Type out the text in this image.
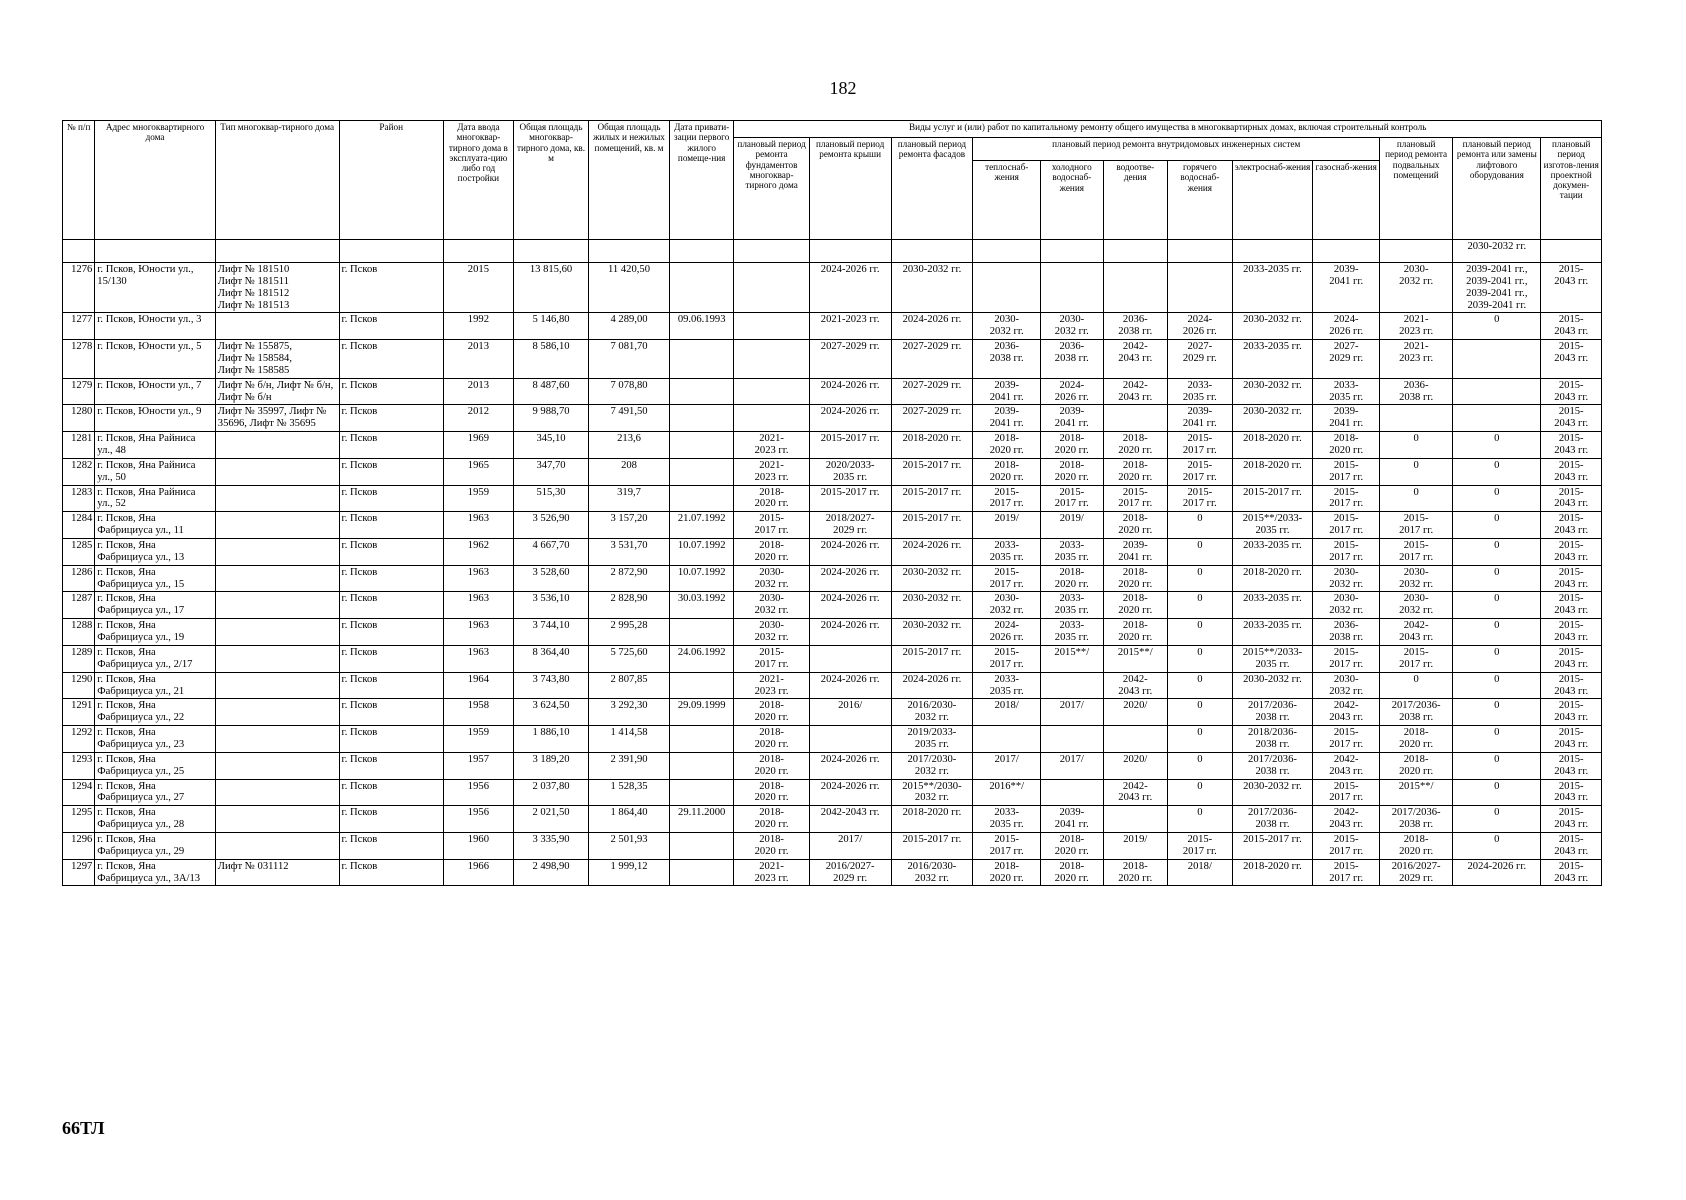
182
№ п/п	Адрес многоквартирного дома	Тип многоквар-тирного дома	Район	Дата ввода многоквар-тирного дома в эксплуата-цию либо год постройки	Общая площадь многоквар-тирного дома, кв. м	Общая площадь жилых и нежилых помещений, кв. м	Дата привати-зации первого жилого помеще-ния	Виды услуг и (или) работ по капитальному ремонту общего имущества в многоквартирных домах, включая строительный контроль											
								плановый период ремонта фундаментов многоквар-тирного дома	плановый период ремонта крыши	плановый период ремонта фасадов	плановый период ремонта внутридомовых инженерных систем						плановый период ремонта подвальных помещений	плановый период ремонта или замены лифтового оборудования	плановый период изготов-ления проектной докумен-тации
											теплоснаб-жения	холодного водоснаб-жения	водоотве-дения	горячего водоснаб-жения	электроснаб-жения	газоснаб-жения			
																		2030-2032 гг.	
1276	г. Псков, Юности ул., 15/130	Лифт № 181510
Лифт № 181511
Лифт № 181512
Лифт № 181513	г. Псков	2015	13 815,60	11 420,50			2024-2026 гг.	2030-2032 гг.					2033-2035 гг.	2039-
2041 гг.	2030-
2032 гг.	2039-2041 гг.,
2039-2041 гг.,
2039-2041 гг.,
2039-2041 гг.	2015-
2043 гг.
1277	г. Псков, Юности ул., 3		г. Псков	1992	5 146,80	4 289,00	09.06.1993		2021-2023 гг.	2024-2026 гг.	2030-
2032 гг.	2030-
2032 гг.	2036-
2038 гг.	2024-
2026 гг.	2030-2032 гг.	2024-
2026 гг.	2021-
2023 гг.	0	2015-
2043 гг.
1278	г. Псков, Юности ул., 5	Лифт № 155875,
Лифт № 158584,
Лифт № 158585	г. Псков	2013	8 586,10	7 081,70			2027-2029 гг.	2027-2029 гг.	2036-
2038 гг.	2036-
2038 гг.	2042-
2043 гг.	2027-
2029 гг.	2033-2035 гг.	2027-
2029 гг.	2021-
2023 гг.		2015-
2043 гг.
1279	г. Псков, Юности ул., 7	Лифт № б/н, Лифт № б/н, Лифт № б/н	г. Псков	2013	8 487,60	7 078,80			2024-2026 гг.	2027-2029 гг.	2039-
2041 гг.	2024-
2026 гг.	2042-
2043 гг.	2033-
2035 гг.	2030-2032 гг.	2033-
2035 гг.	2036-
2038 гг.		2015-
2043 гг.
1280	г. Псков, Юности ул., 9	Лифт № 35997, Лифт № 35696, Лифт № 35695	г. Псков	2012	9 988,70	7 491,50			2024-2026 гг.	2027-2029 гг.	2039-
2041 гг.	2039-
2041 гг.		2039-
2041 гг.	2030-2032 гг.	2039-
2041 гг.			2015-
2043 гг.
1281	г. Псков, Яна Райниса ул., 48		г. Псков	1969	345,10	213,6		2021-
2023 гг.	2015-2017 гг.	2018-2020 гг.	2018-
2020 гг.	2018-
2020 гг.	2018-
2020 гг.	2015-
2017 гг.	2018-2020 гг.	2018-
2020 гг.	0	0	2015-
2043 гг.
1282	г. Псков, Яна Райниса ул., 50		г. Псков	1965	347,70	208		2021-
2023 гг.	2020/2033-
2035 гг.	2015-2017 гг.	2018-
2020 гг.	2018-
2020 гг.	2018-
2020 гг.	2015-
2017 гг.	2018-2020 гг.	2015-
2017 гг.	0	0	2015-
2043 гг.
1283	г. Псков, Яна Райниса ул., 52		г. Псков	1959	515,30	319,7		2018-
2020 гг.	2015-2017 гг.	2015-2017 гг.	2015-
2017 гг.	2015-
2017 гг.	2015-
2017 гг.	2015-
2017 гг.	2015-2017 гг.	2015-
2017 гг.	0	0	2015-
2043 гг.
1284	г. Псков, Яна Фабрициуса ул., 11		г. Псков	1963	3 526,90	3 157,20	21.07.1992	2015-
2017 гг.	2018/2027-
2029 гг.	2015-2017 гг.	2019/	2019/	2018-
2020 гг.	0	2015**/2033-
2035 гг.	2015-
2017 гг.	2015-
2017 гг.	0	2015-
2043 гг.
1285	г. Псков, Яна Фабрициуса ул., 13		г. Псков	1962	4 667,70	3 531,70	10.07.1992	2018-
2020 гг.	2024-2026 гг.	2024-2026 гг.	2033-
2035 гг.	2033-
2035 гг.	2039-
2041 гг.	0	2033-2035 гг.	2015-
2017 гг.	2015-
2017 гг.	0	2015-
2043 гг.
1286	г. Псков, Яна Фабрициуса ул., 15		г. Псков	1963	3 528,60	2 872,90	10.07.1992	2030-
2032 гг.	2024-2026 гг.	2030-2032 гг.	2015-
2017 гг.	2018-
2020 гг.	2018-
2020 гг.	0	2018-2020 гг.	2030-
2032 гг.	2030-
2032 гг.	0	2015-
2043 гг.
1287	г. Псков, Яна Фабрициуса ул., 17		г. Псков	1963	3 536,10	2 828,90	30.03.1992	2030-
2032 гг.	2024-2026 гг.	2030-2032 гг.	2030-
2032 гг.	2033-
2035 гг.	2018-
2020 гг.	0	2033-2035 гг.	2030-
2032 гг.	2030-
2032 гг.	0	2015-
2043 гг.
1288	г. Псков, Яна Фабрициуса ул., 19		г. Псков	1963	3 744,10	2 995,28		2030-
2032 гг.	2024-2026 гг.	2030-2032 гг.	2024-
2026 гг.	2033-
2035 гг.	2018-
2020 гг.	0	2033-2035 гг.	2036-
2038 гг.	2042-
2043 гг.	0	2015-
2043 гг.
1289	г. Псков, Яна Фабрициуса ул., 2/17		г. Псков	1963	8 364,40	5 725,60	24.06.1992	2015-
2017 гг.		2015-2017 гг.	2015-
2017 гг.	2015**/	2015**/	0	2015**/2033-
2035 гг.	2015-
2017 гг.	2015-
2017 гг.	0	2015-
2043 гг.
1290	г. Псков, Яна Фабрициуса ул., 21		г. Псков	1964	3 743,80	2 807,85		2021-
2023 гг.	2024-2026 гг.	2024-2026 гг.	2033-
2035 гг.		2042-
2043 гг.	0	2030-2032 гг.	2030-
2032 гг.	0	0	2015-
2043 гг.
1291	г. Псков, Яна Фабрициуса ул., 22		г. Псков	1958	3 624,50	3 292,30	29.09.1999	2018-
2020 гг.	2016/	2016/2030-
2032 гг.	2018/	2017/	2020/	0	2017/2036-
2038 гг.	2042-
2043 гг.	2017/2036-
2038 гг.	0	2015-
2043 гг.
1292	г. Псков, Яна Фабрициуса ул., 23		г. Псков	1959	1 886,10	1 414,58		2018-
2020 гг.		2019/2033-
2035 гг.				0	2018/2036-
2038 гг.	2015-
2017 гг.	2018-
2020 гг.	0	2015-
2043 гг.
1293	г. Псков, Яна Фабрициуса ул., 25		г. Псков	1957	3 189,20	2 391,90		2018-
2020 гг.	2024-2026 гг.	2017/2030-
2032 гг.	2017/	2017/	2020/	0	2017/2036-
2038 гг.	2042-
2043 гг.	2018-
2020 гг.	0	2015-
2043 гг.
1294	г. Псков, Яна Фабрициуса ул., 27		г. Псков	1956	2 037,80	1 528,35		2018-
2020 гг.	2024-2026 гг.	2015**/2030-
2032 гг.	2016**/		2042-
2043 гг.	0	2030-2032 гг.	2015-
2017 гг.	2015**/	0	2015-
2043 гг.
1295	г. Псков, Яна Фабрициуса ул., 28		г. Псков	1956	2 021,50	1 864,40	29.11.2000	2018-
2020 гг.	2042-2043 гг.	2018-2020 гг.	2033-
2035 гг.	2039-
2041 гг.		0	2017/2036-
2038 гг.	2042-
2043 гг.	2017/2036-
2038 гг.	0	2015-
2043 гг.
1296	г. Псков, Яна Фабрициуса ул., 29		г. Псков	1960	3 335,90	2 501,93		2018-
2020 гг.	2017/	2015-2017 гг.	2015-
2017 гг.	2018-
2020 гг.	2019/	2015-
2017 гг.	2015-2017 гг.	2015-
2017 гг.	2018-
2020 гг.	0	2015-
2043 гг.
1297	г. Псков, Яна Фабрициуса ул., 3А/13	Лифт № 031112	г. Псков	1966	2 498,90	1 999,12		2021-
2023 гг.	2016/2027-
2029 гг.	2016/2030-
2032 гг.	2018-
2020 гг.	2018-
2020 гг.	2018-
2020 гг.	2018/	2018-2020 гг.	2015-
2017 гг.	2016/2027-
2029 гг.	2024-2026 гг.	2015-
2043 гг.
66ТЛ
